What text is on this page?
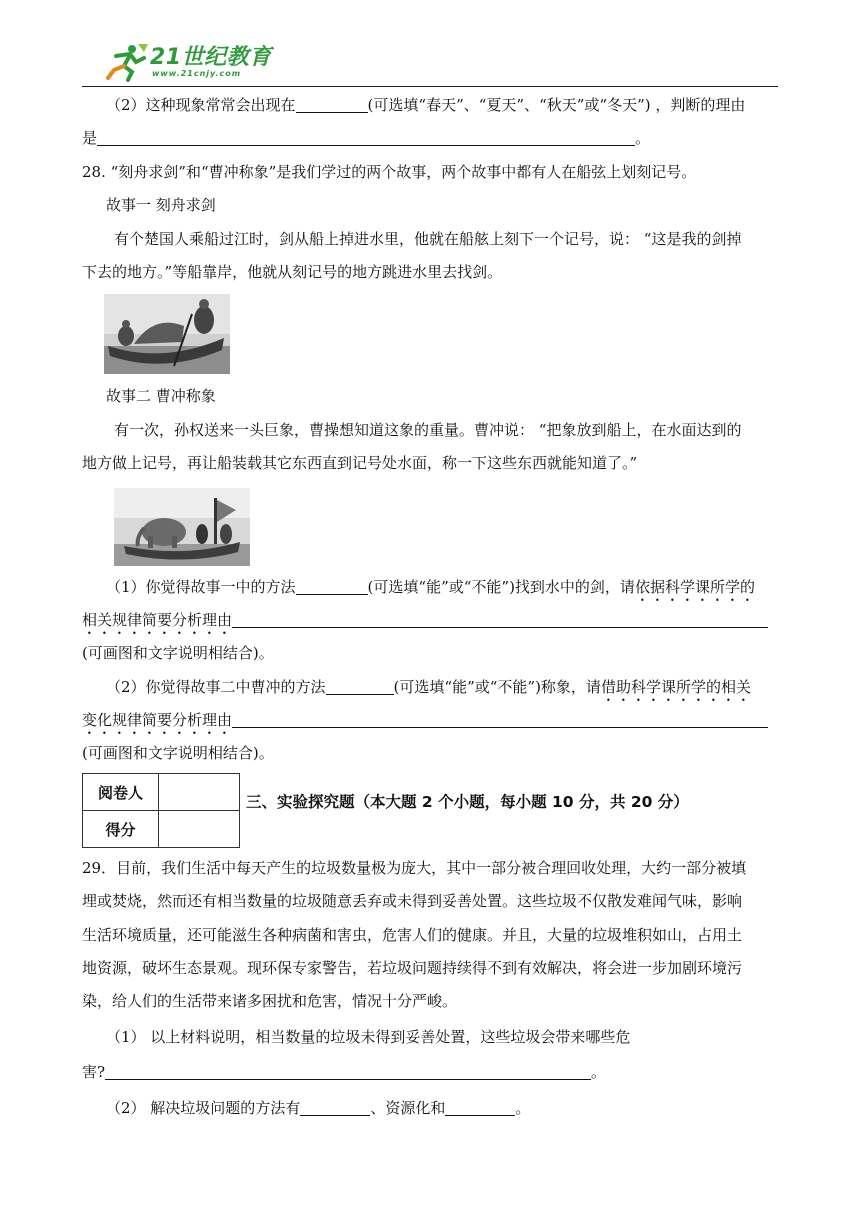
21世纪教育
www.21cnjy.com
（2）这种现象常常会出现在	(可选填“春天”、“夏天”、“秋天”或“冬天”) ，判断的理由
是	。
28. “刻舟求剑”和“曹冲称象”是我们学过的两个故事，两个故事中都有人在船弦上划刻记号。
故事一 刻舟求剑
有个楚国人乘船过江时，剑从船上掉进水里，他就在船舷上刻下一个记号，说： “这是我的剑掉
下去的地方。”等船靠岸，他就从刻记号的地方跳进水里去找剑。
故事二 曹冲称象
有一次，孙权送来一头巨象，曹操想知道这象的重量。曹冲说： “把象放到船上，在水面达到的
地方做上记号，再让船装载其它东西直到记号处水面，称一下这些东西就能知道了。”
（1）你觉得故事一中的方法	(可选填“能”或“不能”)找到水中的剑，请依据科学课所学的
相关规律简要分析理由
(可画图和文字说明相结合)。
（2）你觉得故事二中曹冲的方法	(可选填“能”或“不能”)称象，请借助科学课所学的相关
变化规律简要分析理由
(可画图和文字说明相结合)。
阅卷人	
得分	
三、实验探究题（本大题 2 个小题，每小题 10 分，共 20 分）
29．目前，我们生活中每天产生的垃圾数量极为庞大，其中一部分被合理回收处理，大约一部分被填
埋或焚烧，然而还有相当数量的垃圾随意丢弃或未得到妥善处置。这些垃圾不仅散发难闻气味，影响
生活环境质量，还可能滋生各种病菌和害虫，危害人们的健康。并且，大量的垃圾堆积如山，占用土
地资源，破坏生态景观。现环保专家警告，若垃圾问题持续得不到有效解决，将会进一步加剧环境污
染，给人们的生活带来诸多困扰和危害，情况十分严峻。
（1） 以上材料说明，相当数量的垃圾未得到妥善处置，这些垃圾会带来哪些危
害?	。
（2） 解决垃圾问题的方法有	、资源化和	。
